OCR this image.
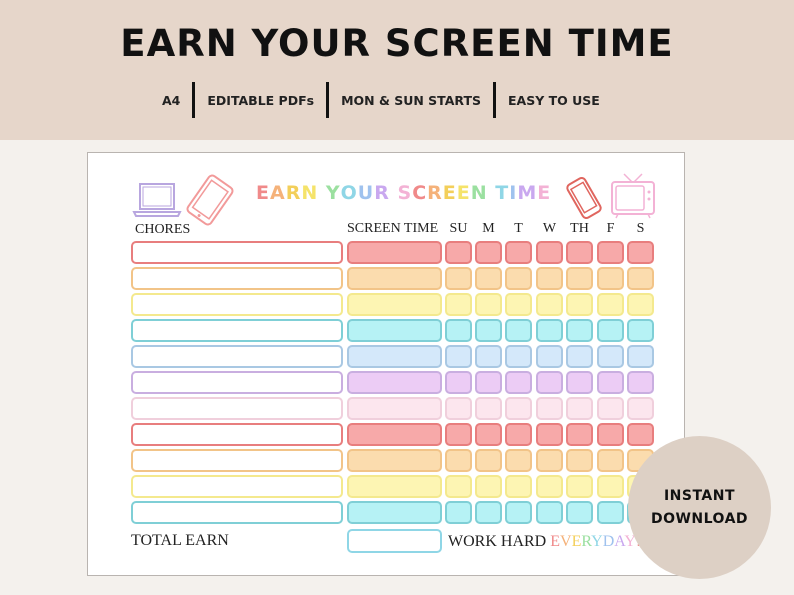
EARN YOUR SCREEN TIME
A4	EDITABLE PDFs	MON & SUN STARTS	EASY TO USE
EARN YOUR SCREEN TIME
CHORES	SCREEN TIME SU	M	T	W	TH	F	S
TOTAL EARN	WORK HARD EVERYDAY
INSTANT
DOWNLOAD
